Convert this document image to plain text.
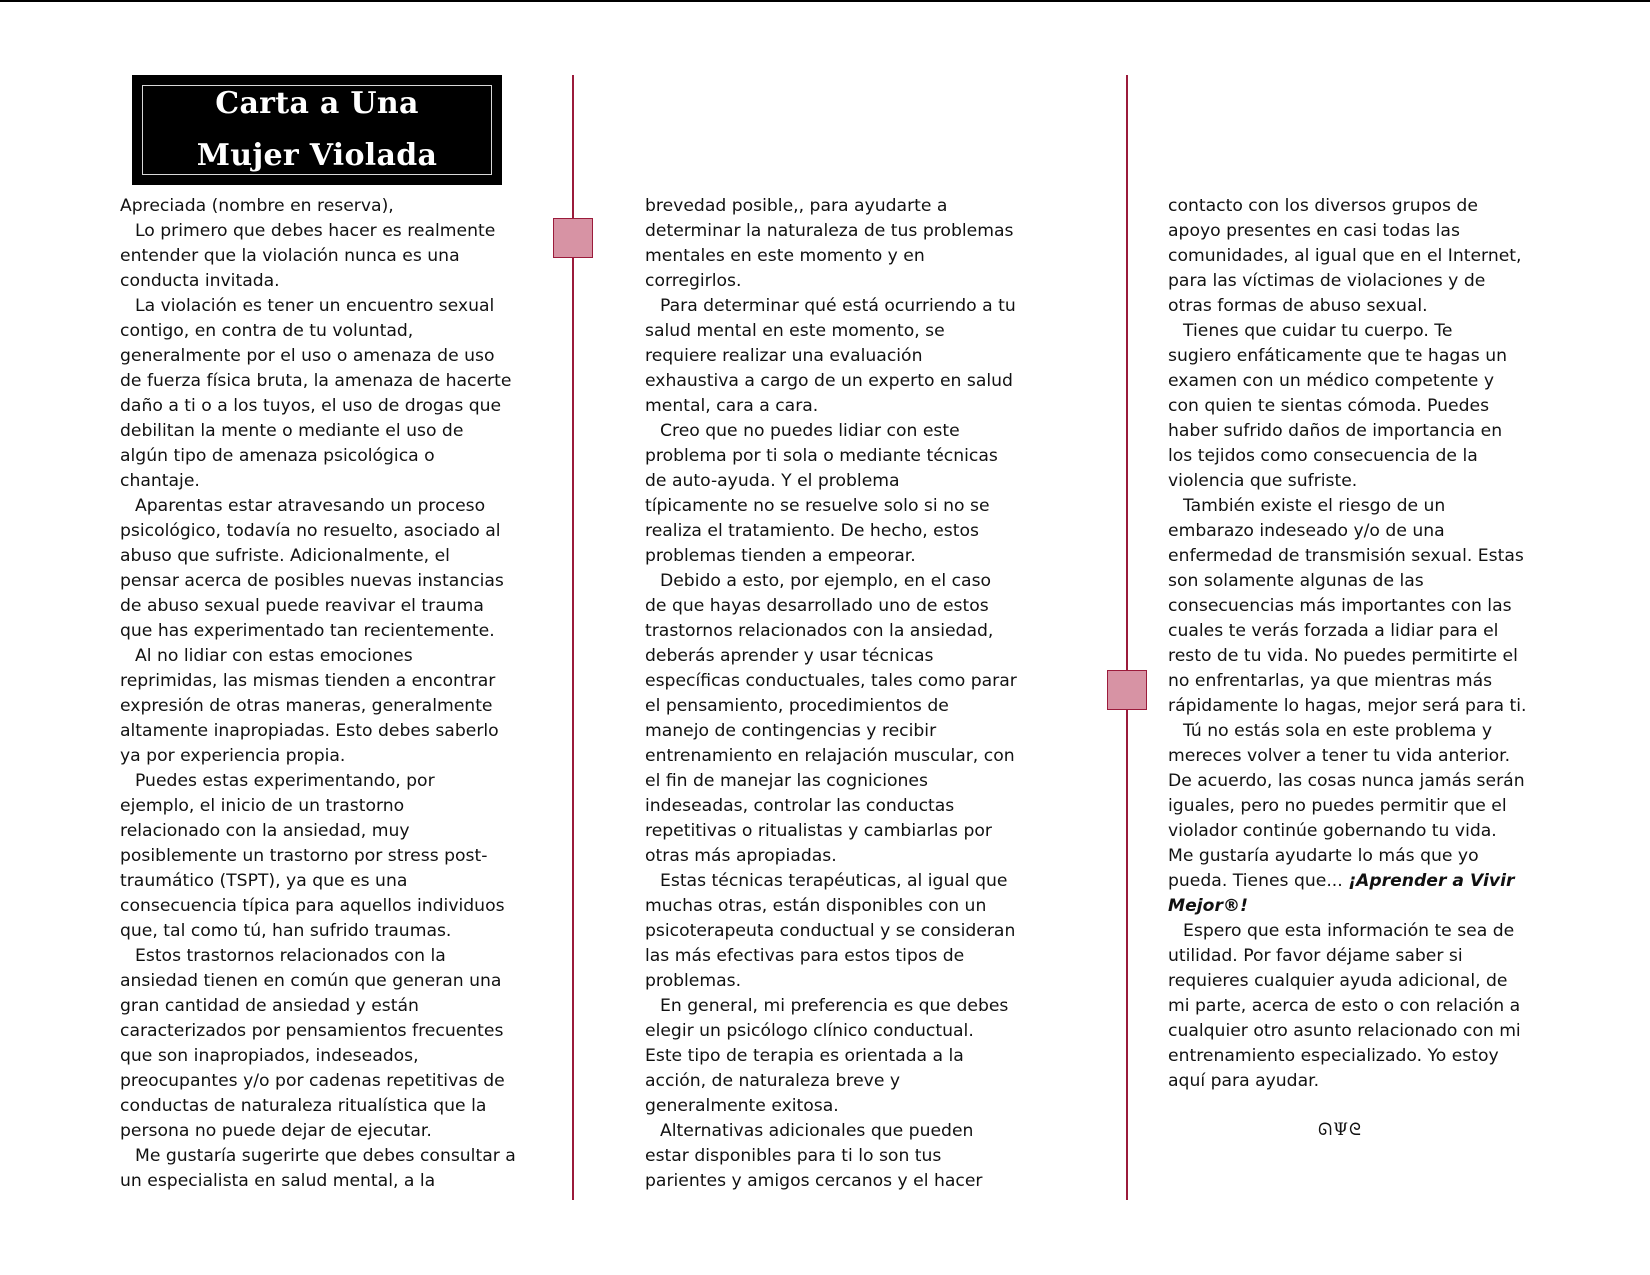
Carta a Una
Mujer Violada

Apreciada (nombre en reserva),

Lo primero que debes hacer es realmente

entender que la violación nunca es una

conducta invitada.

La violación es tener un encuentro sexual

contigo, en contra de tu voluntad,

generalmente por el uso o amenaza de uso

de fuerza física bruta, la amenaza de hacerte

daño a ti o a los tuyos, el uso de drogas que

debilitan la mente o mediante el uso de

algún tipo de amenaza psicológica o

chantaje.

Aparentas estar atravesando un proceso

psicológico, todavía no resuelto, asociado al

abuso que sufriste. Adicionalmente, el

pensar acerca de posibles nuevas instancias

de abuso sexual puede reavivar el trauma

que has experimentado tan recientemente.

Al no lidiar con estas emociones

reprimidas, las mismas tienden a encontrar

expresión de otras maneras, generalmente

altamente inapropiadas. Esto debes saberlo

ya por experiencia propia.

Puedes estas experimentando, por

ejemplo, el inicio de un trastorno

relacionado con la ansiedad, muy

posiblemente un trastorno por stress post-

traumático (TSPT), ya que es una

consecuencia típica para aquellos individuos

que, tal como tú, han sufrido traumas.

Estos trastornos relacionados con la

ansiedad tienen en común que generan una

gran cantidad de ansiedad y están

caracterizados por pensamientos frecuentes

que son inapropiados, indeseados,

preocupantes y/o por cadenas repetitivas de

conductas de naturaleza ritualística que la

persona no puede dejar de ejecutar.

Me gustaría sugerirte que debes consultar a

un especialista en salud mental, a la

brevedad posible,, para ayudarte a

determinar la naturaleza de tus problemas

mentales en este momento y en

corregirlos.

Para determinar qué está ocurriendo a tu

salud mental en este momento, se

requiere realizar una evaluación

exhaustiva a cargo de un experto en salud

mental, cara a cara.

Creo que no puedes lidiar con este

problema por ti sola o mediante técnicas

de auto-ayuda. Y el problema

típicamente no se resuelve solo si no se

realiza el tratamiento. De hecho, estos

problemas tienden a empeorar.

Debido a esto, por ejemplo, en el caso

de que hayas desarrollado uno de estos

trastornos relacionados con la ansiedad,

deberás aprender y usar técnicas

específicas conductuales, tales como parar

el pensamiento, procedimientos de

manejo de contingencias y recibir

entrenamiento en relajación muscular, con

el fin de manejar las cogniciones

indeseadas, controlar las conductas

repetitivas o ritualistas y cambiarlas por

otras más apropiadas.

Estas técnicas terapéuticas, al igual que

muchas otras, están disponibles con un

psicoterapeuta conductual y se consideran

las más efectivas para estos tipos de

problemas.

En general, mi preferencia es que debes

elegir un psicólogo clínico conductual.

Este tipo de terapia es orientada a la

acción, de naturaleza breve y

generalmente exitosa.

Alternativas adicionales que pueden

estar disponibles para ti lo son tus

parientes y amigos cercanos y el hacer

contacto con los diversos grupos de

apoyo presentes en casi todas las

comunidades, al igual que en el Internet,

para las víctimas de violaciones y de

otras formas de abuso sexual.

Tienes que cuidar tu cuerpo. Te

sugiero enfáticamente que te hagas un

examen con un médico competente y

con quien te sientas cómoda. Puedes

haber sufrido daños de importancia en

los tejidos como consecuencia de la

violencia que sufriste.

También existe el riesgo de un

embarazo indeseado y/o de una

enfermedad de transmisión sexual. Estas

son solamente algunas de las

consecuencias más importantes con las

cuales te verás forzada a lidiar para el

resto de tu vida. No puedes permitirte el

no enfrentarlas, ya que mientras más

rápidamente lo hagas, mejor será para ti.

Tú no estás sola en este problema y

mereces volver a tener tu vida anterior.

De acuerdo, las cosas nunca jamás serán

iguales, pero no puedes permitir que el

violador continúe gobernando tu vida.

Me gustaría ayudarte lo más que yo

pueda. Tienes que... ¡Aprender a Vivir

Mejor®!

Espero que esta información te sea de

utilidad. Por favor déjame saber si

requieres cualquier ayuda adicional, de

mi parte, acerca de esto o con relación a

cualquier otro asunto relacionado con mi

entrenamiento especializado. Yo estoy

aquí para ayudar.

ᘏΨᘓ
